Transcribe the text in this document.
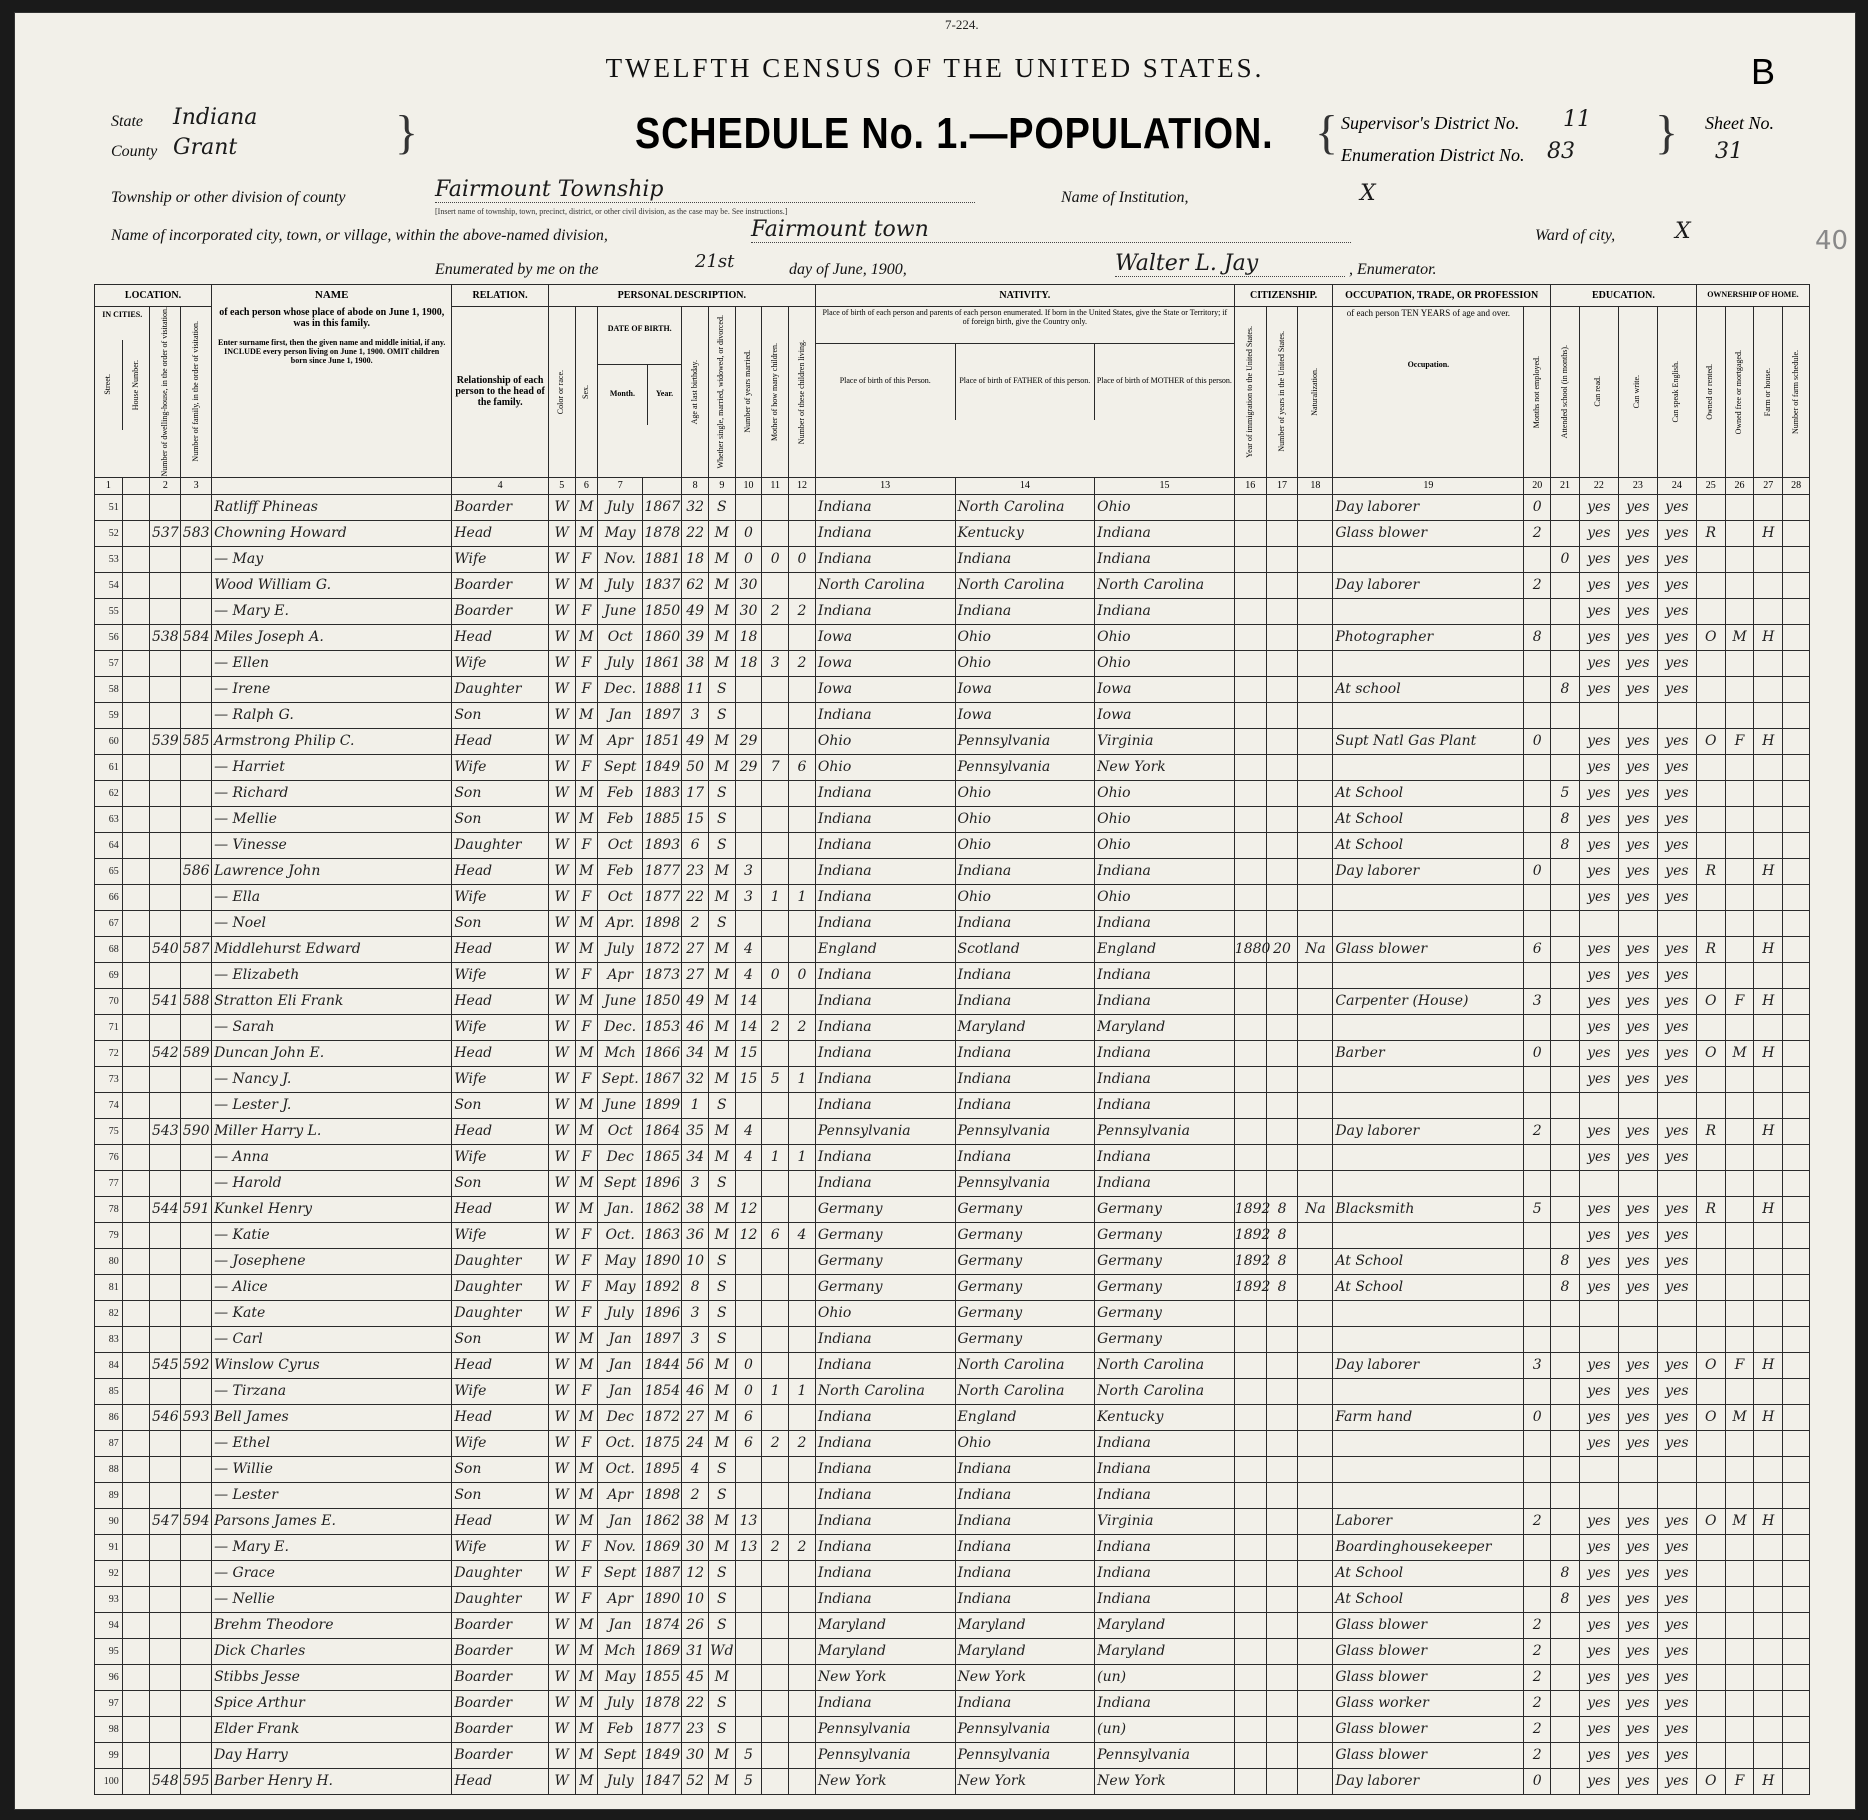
7-224.
TWELFTH CENSUS OF THE UNITED STATES.	B
SCHEDULE No. 1.—POPULATION.
State Indiana
County Grant	}	{ Supervisor's District No. 11
Enumeration District No. 83 } Sheet No.
31
Township or other division of county	Fairmount Township
[Insert name of township, town, precinct, district, or other civil division, as the case may be. See instructions.]
Name of Institution,	X
Name of incorporated city, town, or village, within the above-named division,	Fairmount town	Ward of city,	X
Enumerated by me on the	21st	day of June, 1900,	Walter L. Jay	, Enumerator.
40
LOCATION.	NAME
of each person whose place of abode on June 1, 1900, was in this family.
Enter surname first, then the given name and middle initial, if any. INCLUDE every person living on June 1, 1900. OMIT children born since June 1, 1900.
	RELATION.	PERSONAL DESCRIPTION.	NATIVITY.	CITIZENSHIP.	OCCUPATION, TRADE, OR PROFESSION	EDUCATION.	OWNERSHIP OF HOME.

IN CITIES.
Street.	House Number.
		Number of dwelling-house, in the order of visitation.	Number of family, in the order of visitation.	Relationship of each person to the head of the family.	Color or race.	Sex.

DATE OF BIRTH.
Month.	Year.
	Age at last birthday.	Whether single, married, widowed, or divorced.	Number of years married.	Mother of how many children.	Number of these children living.

Place of birth of each person and parents of each person enumerated. If born in the United States, give the State or Territory; if of foreign birth, give the Country only.
Place of birth of this Person.	Place of birth of FATHER of this person.	Place of birth of MOTHER of this person.
	Year of immigration to the United States.	Number of years in the United States.	Naturalization.

of each person TEN YEARS of age and over.
Occupation.	Months not employed.	Attended school (in months).	Can read.	Can write.	Can speak English.	Owned or rented.	Owned free or mortgaged.	Farm or house.	Number of farm schedule.

1		2	3		4	5	6	7		8	9	10	11	12	13	14	15	16	17	18	19	20	21	22	23	24	25	26	27	28
51				Ratliff Phineas	Boarder	W	M	July	1867	32	S				Indiana	North Carolina	Ohio				Day laborer	0		yes	yes	yes				
52		537	583	Chowning Howard	Head	W	M	May	1878	22	M	0			Indiana	Kentucky	Indiana				Glass blower	2		yes	yes	yes	R		H	
53				— May	Wife	W	F	Nov.	1881	18	M	0	0	0	Indiana	Indiana	Indiana						0	yes	yes	yes				
54				Wood William G.	Boarder	W	M	July	1837	62	M	30			North Carolina	North Carolina	North Carolina				Day laborer	2		yes	yes	yes				
55				— Mary E.	Boarder	W	F	June	1850	49	M	30	2	2	Indiana	Indiana	Indiana							yes	yes	yes				
56		538	584	Miles Joseph A.	Head	W	M	Oct	1860	39	M	18			Iowa	Ohio	Ohio				Photographer	8		yes	yes	yes	O	M	H	
57				— Ellen	Wife	W	F	July	1861	38	M	18	3	2	Iowa	Ohio	Ohio							yes	yes	yes				
58				— Irene	Daughter	W	F	Dec.	1888	11	S				Iowa	Iowa	Iowa				At school		8	yes	yes	yes				
59				— Ralph G.	Son	W	M	Jan	1897	3	S				Indiana	Iowa	Iowa													
60		539	585	Armstrong Philip C.	Head	W	M	Apr	1851	49	M	29			Ohio	Pennsylvania	Virginia				Supt Natl Gas Plant	0		yes	yes	yes	O	F	H	
61				— Harriet	Wife	W	F	Sept	1849	50	M	29	7	6	Ohio	Pennsylvania	New York							yes	yes	yes				
62				— Richard	Son	W	M	Feb	1883	17	S				Indiana	Ohio	Ohio				At School		5	yes	yes	yes				
63				— Mellie	Son	W	M	Feb	1885	15	S				Indiana	Ohio	Ohio				At School		8	yes	yes	yes				
64				— Vinesse	Daughter	W	F	Oct	1893	6	S				Indiana	Ohio	Ohio				At School		8	yes	yes	yes				
65			586	Lawrence John	Head	W	M	Feb	1877	23	M	3			Indiana	Indiana	Indiana				Day laborer	0		yes	yes	yes	R		H	
66				— Ella	Wife	W	F	Oct	1877	22	M	3	1	1	Indiana	Ohio	Ohio							yes	yes	yes				
67				— Noel	Son	W	M	Apr.	1898	2	S				Indiana	Indiana	Indiana													
68		540	587	Middlehurst Edward	Head	W	M	July	1872	27	M	4			England	Scotland	England	1880	20	Na	Glass blower	6		yes	yes	yes	R		H	
69				— Elizabeth	Wife	W	F	Apr	1873	27	M	4	0	0	Indiana	Indiana	Indiana							yes	yes	yes				
70		541	588	Stratton Eli Frank	Head	W	M	June	1850	49	M	14			Indiana	Indiana	Indiana				Carpenter (House)	3		yes	yes	yes	O	F	H	
71				— Sarah	Wife	W	F	Dec.	1853	46	M	14	2	2	Indiana	Maryland	Maryland							yes	yes	yes				
72		542	589	Duncan John E.	Head	W	M	Mch	1866	34	M	15			Indiana	Indiana	Indiana				Barber	0		yes	yes	yes	O	M	H	
73				— Nancy J.	Wife	W	F	Sept.	1867	32	M	15	5	1	Indiana	Indiana	Indiana							yes	yes	yes				
74				— Lester J.	Son	W	M	June	1899	1	S				Indiana	Indiana	Indiana													
75		543	590	Miller Harry L.	Head	W	M	Oct	1864	35	M	4			Pennsylvania	Pennsylvania	Pennsylvania				Day laborer	2		yes	yes	yes	R		H	
76				— Anna	Wife	W	F	Dec	1865	34	M	4	1	1	Indiana	Indiana	Indiana							yes	yes	yes				
77				— Harold	Son	W	M	Sept	1896	3	S				Indiana	Pennsylvania	Indiana													
78		544	591	Kunkel Henry	Head	W	M	Jan.	1862	38	M	12			Germany	Germany	Germany	1892	8	Na	Blacksmith	5		yes	yes	yes	R		H	
79				— Katie	Wife	W	F	Oct.	1863	36	M	12	6	4	Germany	Germany	Germany	1892	8					yes	yes	yes				
80				— Josephene	Daughter	W	F	May	1890	10	S				Germany	Germany	Germany	1892	8		At School		8	yes	yes	yes				
81				— Alice	Daughter	W	F	May	1892	8	S				Germany	Germany	Germany	1892	8		At School		8	yes	yes	yes				
82				— Kate	Daughter	W	F	July	1896	3	S				Ohio	Germany	Germany													
83				— Carl	Son	W	M	Jan	1897	3	S				Indiana	Germany	Germany													
84		545	592	Winslow Cyrus	Head	W	M	Jan	1844	56	M	0			Indiana	North Carolina	North Carolina				Day laborer	3		yes	yes	yes	O	F	H	
85				— Tirzana	Wife	W	F	Jan	1854	46	M	0	1	1	North Carolina	North Carolina	North Carolina							yes	yes	yes				
86		546	593	Bell James	Head	W	M	Dec	1872	27	M	6			Indiana	England	Kentucky				Farm hand	0		yes	yes	yes	O	M	H	
87				— Ethel	Wife	W	F	Oct.	1875	24	M	6	2	2	Indiana	Ohio	Indiana							yes	yes	yes				
88				— Willie	Son	W	M	Oct.	1895	4	S				Indiana	Indiana	Indiana													
89				— Lester	Son	W	M	Apr	1898	2	S				Indiana	Indiana	Indiana													
90		547	594	Parsons James E.	Head	W	M	Jan	1862	38	M	13			Indiana	Indiana	Virginia				Laborer	2		yes	yes	yes	O	M	H	
91				— Mary E.	Wife	W	F	Nov.	1869	30	M	13	2	2	Indiana	Indiana	Indiana				Boardinghousekeeper			yes	yes	yes				
92				— Grace	Daughter	W	F	Sept	1887	12	S				Indiana	Indiana	Indiana				At School		8	yes	yes	yes				
93				— Nellie	Daughter	W	F	Apr	1890	10	S				Indiana	Indiana	Indiana				At School		8	yes	yes	yes				
94				Brehm Theodore	Boarder	W	M	Jan	1874	26	S				Maryland	Maryland	Maryland				Glass blower	2		yes	yes	yes				
95				Dick Charles	Boarder	W	M	Mch	1869	31	Wd				Maryland	Maryland	Maryland				Glass blower	2		yes	yes	yes				
96				Stibbs Jesse	Boarder	W	M	May	1855	45	M				New York	New York	(un)				Glass blower	2		yes	yes	yes				
97				Spice Arthur	Boarder	W	M	July	1878	22	S				Indiana	Indiana	Indiana				Glass worker	2		yes	yes	yes				
98				Elder Frank	Boarder	W	M	Feb	1877	23	S				Pennsylvania	Pennsylvania	(un)				Glass blower	2		yes	yes	yes				
99				Day Harry	Boarder	W	M	Sept	1849	30	M	5			Pennsylvania	Pennsylvania	Pennsylvania				Glass blower	2		yes	yes	yes				
100		548	595	Barber Henry H.	Head	W	M	July	1847	52	M	5			New York	New York	New York				Day laborer	0		yes	yes	yes	O	F	H	
